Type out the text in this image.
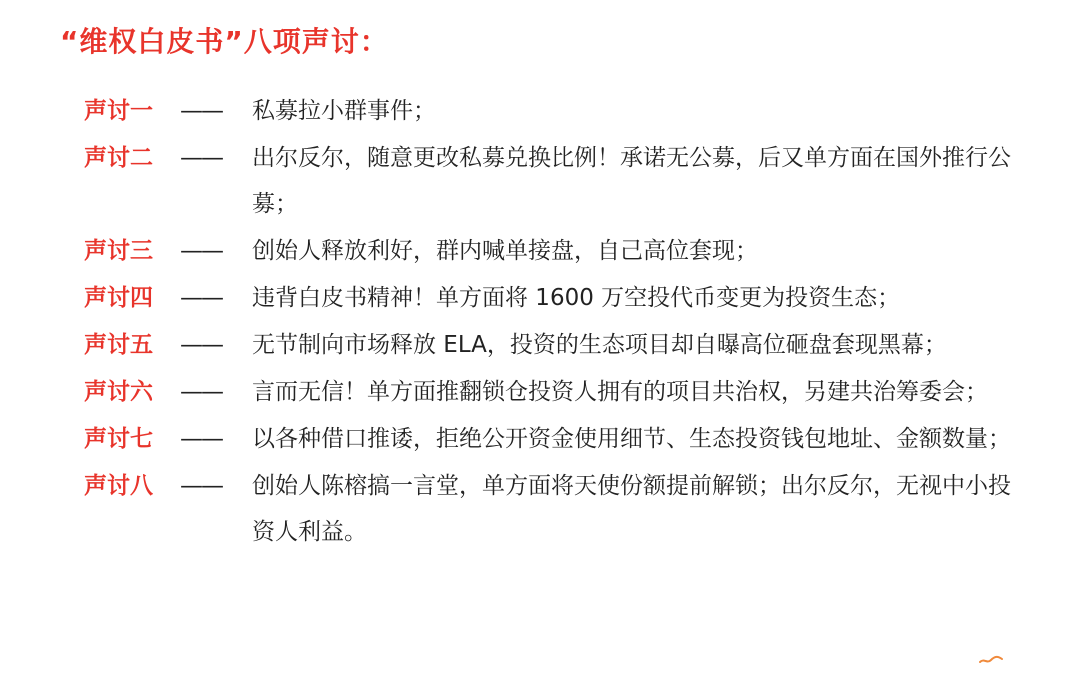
“维权白皮书”八项声讨：
声讨一	——	私募拉小群事件；
声讨二	——	出尔反尔，随意更改私募兑换比例！承诺无公募，后又单方面在国外推行公募；
声讨三	——	创始人释放利好，群内喊单接盘，自己高位套现；
声讨四	——	违背白皮书精神！单方面将 1600 万空投代币变更为投资生态；
声讨五	——	无节制向市场释放 ELA，投资的生态项目却自曝高位砸盘套现黑幕；
声讨六	——	言而无信！单方面推翻锁仓投资人拥有的项目共治权，另建共治筹委会；
声讨七	——	以各种借口推诿，拒绝公开资金使用细节、生态投资钱包地址、金额数量；
声讨八	——	创始人陈榕搞一言堂，单方面将天使份额提前解锁；出尔反尔，无视中小投资人利益。
